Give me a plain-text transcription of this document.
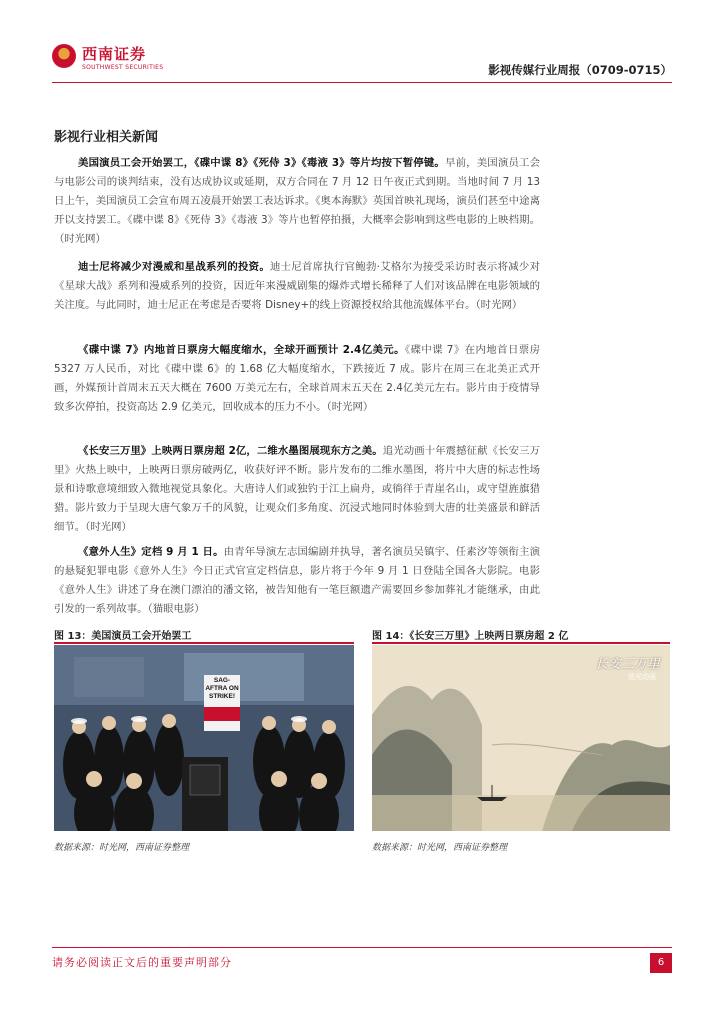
西南证券
SOUTHWEST SECURITIES	影视传媒行业周报（0709-0715）
影视行业相关新闻

美国演员工会开始罢工，《碟中谍 8》《死侍 3》《毒液 3》等片均按下暂停键。早前，美国演员工会与电影公司的谈判结束，没有达成协议或延期，双方合同在 7 月 12 日午夜正式到期。当地时间 7 月 13 日上午，美国演员工会宣布周五凌晨开始罢工表达诉求。《奥本海默》英国首映礼现场，演员们甚至中途离开以支持罢工。《碟中谍 8》《死侍 3》《毒液 3》等片也暂停拍摄，大概率会影响到这些电影的上映档期。（时光网）

迪士尼将减少对漫威和星战系列的投资。迪士尼首席执行官鲍勃·艾格尔为接受采访时表示将减少对《星球大战》系列和漫威系列的投资，因近年来漫威剧集的爆炸式增长稀释了人们对该品牌在电影领域的关注度。与此同时，迪士尼正在考虑是否要将 Disney+的线上资源授权给其他流媒体平台。（时光网）

《碟中谍 7》内地首日票房大幅度缩水，全球开画预计 2.4亿美元。《碟中谍 7》在内地首日票房 5327 万人民币，对比《碟中谍 6》的 1.68 亿大幅度缩水，下跌接近 7 成。影片在周三在北美正式开画，外媒预计首周末五天大概在 7600 万美元左右，全球首周末五天在 2.4亿美元左右。影片由于疫情导致多次停拍，投资高达 2.9 亿美元，回收成本的压力不小。（时光网）

《长安三万里》上映两日票房超 2亿，二维水墨图展现东方之美。追光动画十年震撼征献《长安三万里》火热上映中，上映两日票房破两亿，收获好评不断。影片发布的二维水墨图，将片中大唐的标志性场景和诗歌意境细致入微地视觉具象化。大唐诗人们或独钓于江上扁舟，或徜徉于青崖名山，或守望旌旗猎猎。影片致力于呈现大唐气象万千的风貌，让观众们多角度、沉浸式地同时体验到大唐的壮美盛景和鲜活细节。（时光网）

《意外人生》定档 9 月 1 日。由青年导演左志国编剧并执导，著名演员吴镇宇、任素汐等领衔主演的悬疑犯罪电影《意外人生》今日正式官宣定档信息，影片将于今年 9 月 1 日登陆全国各大影院。电影《意外人生》讲述了身在澳门漂泊的潘文铭，被告知他有一笔巨额遗产需要回乡参加葬礼才能继承，由此引发的一系列故事。（猫眼电影）

图 13：美国演员工会开始罢工
SAG-AFTRA ON STRIKE!
数据来源：时光网，西南证券整理
图 14：《长安三万里》上映两日票房超 2 亿
长安三万里
追光动画
数据来源：时光网，西南证券整理
请务必阅读正文后的重要声明部分	6
